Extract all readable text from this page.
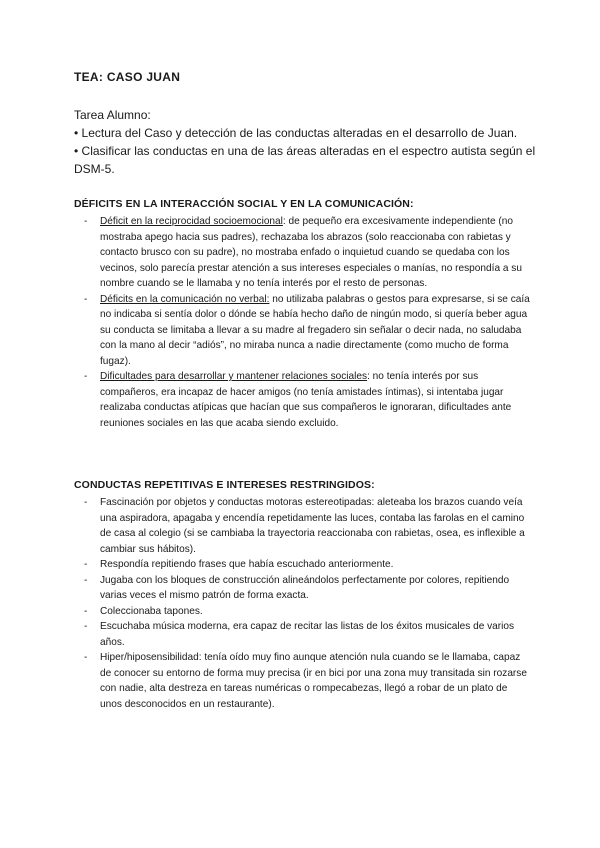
TEA: CASO JUAN
Tarea Alumno:
• Lectura del Caso y detección de las conductas alteradas en el desarrollo de Juan.
• Clasificar las conductas en una de las áreas alteradas en el espectro autista según el DSM-5.
DÉFICITS EN LA INTERACCIÓN SOCIAL Y EN LA COMUNICACIÓN:
- Déficit en la reciprocidad socioemocional: de pequeño era excesivamente independiente (no mostraba apego hacia sus padres), rechazaba los abrazos (solo reaccionaba con rabietas y contacto brusco con su padre), no mostraba enfado o inquietud cuando se quedaba con los vecinos, solo parecía prestar atención a sus intereses especiales o manías, no respondía a su nombre cuando se le llamaba y no tenía interés por el resto de personas.
- Déficits en la comunicación no verbal: no utilizaba palabras o gestos para expresarse, si se caía no indicaba si sentía dolor o dónde se había hecho daño de ningún modo, si quería beber agua su conducta se limitaba a llevar a su madre al fregadero sin señalar o decir nada, no saludaba con la mano al decir “adiós”, no miraba nunca a nadie directamente (como mucho de forma fugaz).
- Dificultades para desarrollar y mantener relaciones sociales: no tenía interés por sus compañeros, era incapaz de hacer amigos (no tenía amistades íntimas), si intentaba jugar realizaba conductas atípicas que hacían que sus compañeros le ignoraran, dificultades ante reuniones sociales en las que acaba siendo excluido.
CONDUCTAS REPETITIVAS E INTERESES RESTRINGIDOS:
- Fascinación por objetos y conductas motoras estereotipadas: aleteaba los brazos cuando veía una aspiradora, apagaba y encendía repetidamente las luces, contaba las farolas en el camino de casa al colegio (si se cambiaba la trayectoria reaccionaba con rabietas, osea, es inflexible a cambiar sus hábitos).
- Respondía repitiendo frases que había escuchado anteriormente.
- Jugaba con los bloques de construcción alineándolos perfectamente por colores, repitiendo varias veces el mismo patrón de forma exacta.
- Coleccionaba tapones.
- Escuchaba música moderna, era capaz de recitar las listas de los éxitos musicales de varios años.
- Hiper/hiposensibilidad: tenía oído muy fino aunque atención nula cuando se le llamaba, capaz de conocer su entorno de forma muy precisa (ir en bici por una zona muy transitada sin rozarse con nadie, alta destreza en tareas numéricas o rompecabezas, llegó a robar de un plato de unos desconocidos en un restaurante).
